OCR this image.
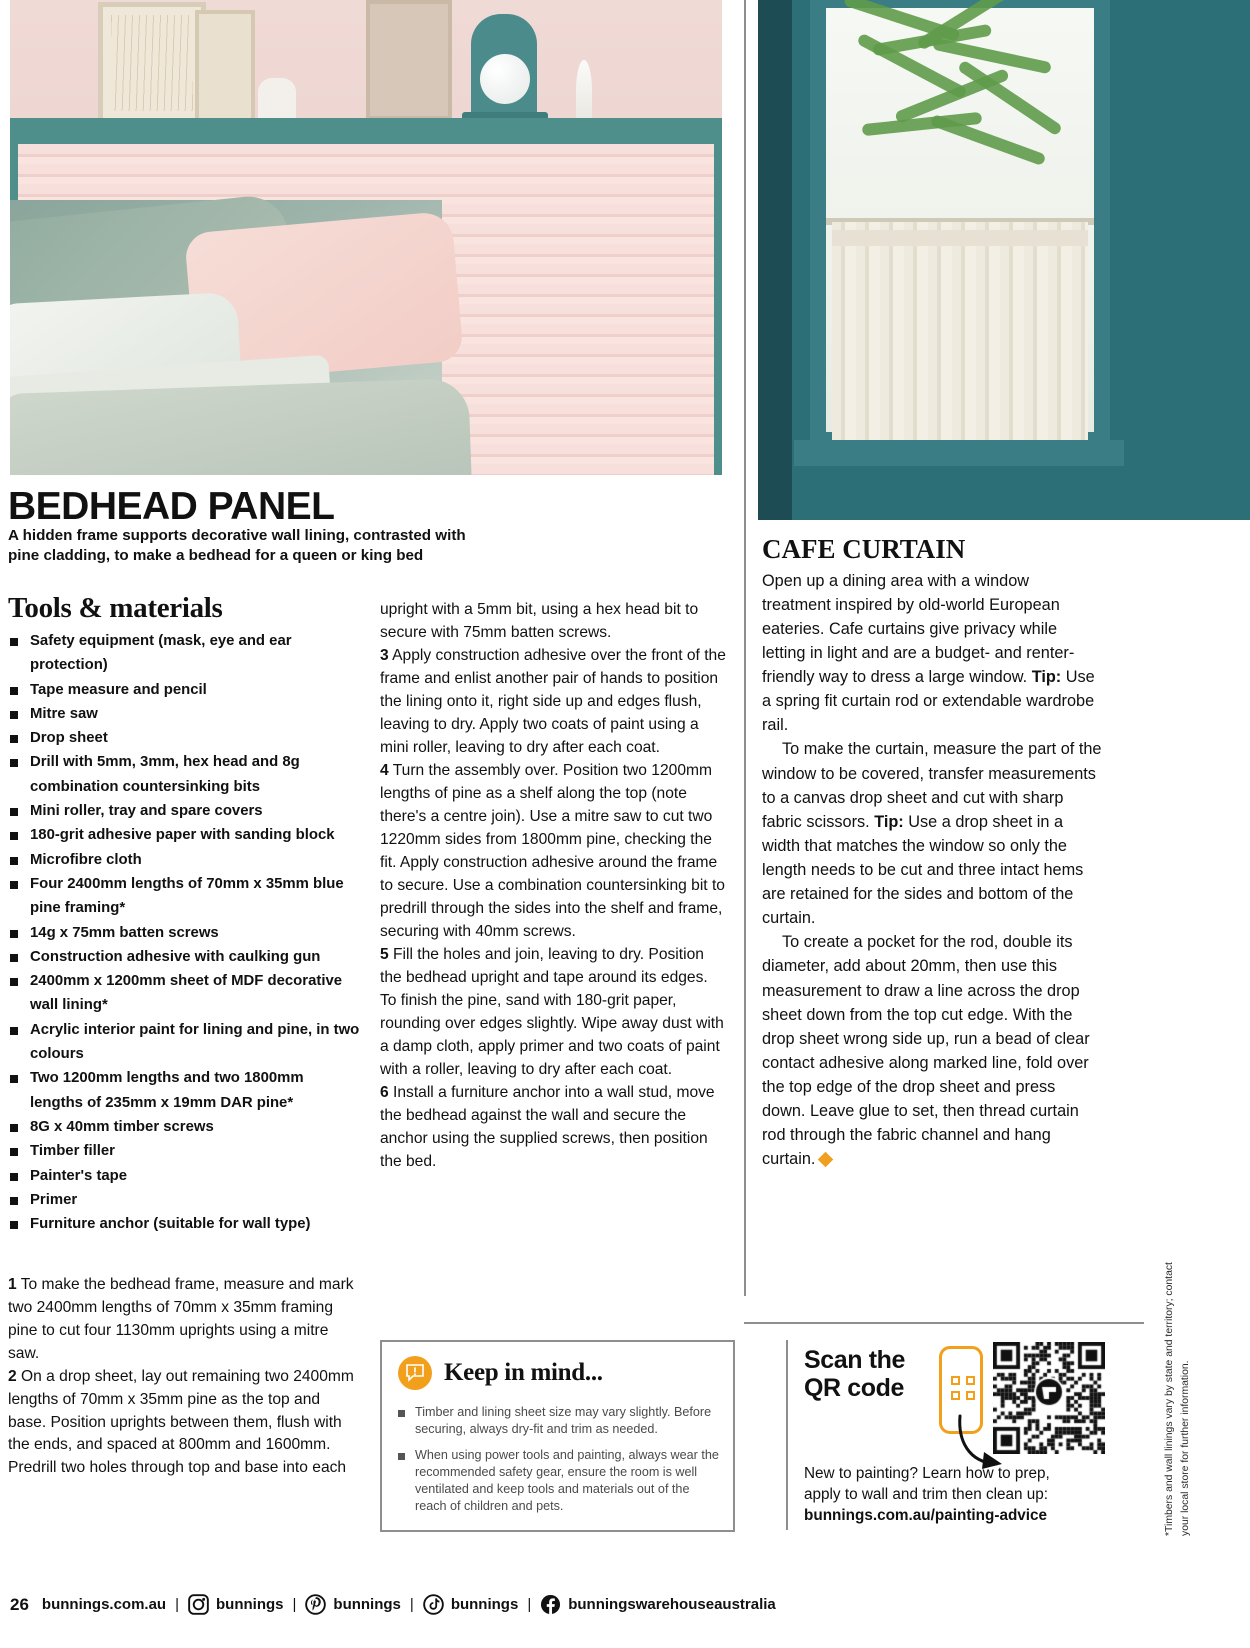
BEDHEAD PANEL
A hidden frame supports decorative wall lining, contrasted with
pine cladding, to make a bedhead for a queen or king bed
Tools & materials
Safety equipment (mask, eye and ear protection)
Tape measure and pencil
Mitre saw
Drop sheet
Drill with 5mm, 3mm, hex head and 8g combination countersinking bits
Mini roller, tray and spare covers
180-grit adhesive paper with sanding block
Microfibre cloth
Four 2400mm lengths of 70mm x 35mm blue pine framing*
14g x 75mm batten screws
Construction adhesive with caulking gun
2400mm x 1200mm sheet of MDF decorative wall lining*
Acrylic interior paint for lining and pine, in two colours
Two 1200mm lengths and two 1800mm lengths of 235mm x 19mm DAR pine*
8G x 40mm timber screws
Timber filler
Painter's tape
Primer
Furniture anchor (suitable for wall type)

1 To make the bedhead frame, measure and mark two 2400mm lengths of 70mm x 35mm framing pine to cut four 1130mm uprights using a mitre saw.

2 On a drop sheet, lay out remaining two 2400mm lengths of 70mm x 35mm pine as the top and base. Position uprights between them, flush with the ends, and spaced at 800mm and 1600mm. Predrill two holes through top and base into each

upright with a 5mm bit, using a hex head bit to secure with 75mm batten screws.

3 Apply construction adhesive over the front of the frame and enlist another pair of hands to position the lining onto it, right side up and edges flush, leaving to dry. Apply two coats of paint using a mini roller, leaving to dry after each coat.

4 Turn the assembly over. Position two 1200mm lengths of pine as a shelf along the top (note there's a centre join). Use a mitre saw to cut two 1220mm sides from 1800mm pine, checking the fit. Apply construction adhesive around the frame to secure. Use a combination countersinking bit to predrill through the sides into the shelf and frame, securing with 40mm screws.

5 Fill the holes and join, leaving to dry. Position the bedhead upright and tape around its edges. To finish the pine, sand with 180-grit paper, rounding over edges slightly. Wipe away dust with a damp cloth, apply primer and two coats of paint with a roller, leaving to dry after each coat.

6 Install a furniture anchor into a wall stud, move the bedhead against the wall and secure the anchor using the supplied screws, then position the bed.

CAFE CURTAIN

Open up a dining area with a window treatment inspired by old-world European eateries. Cafe curtains give privacy while letting in light and are a budget- and renter-friendly way to dress a large window. Tip: Use a spring fit curtain rod or extendable wardrobe rail.

To make the curtain, measure the part of the window to be covered, transfer measurements to a canvas drop sheet and cut with sharp fabric scissors. Tip: Use a drop sheet in a width that matches the window so only the length needs to be cut and three intact hems are retained for the sides and bottom of the curtain.

To create a pocket for the rod, double its diameter, add about 20mm, then use this measurement to draw a line across the drop sheet down from the top cut edge. With the drop sheet wrong side up, run a bead of clear contact adhesive along marked line, fold over the top edge of the drop sheet and press down. Leave glue to set, then thread curtain rod through the fabric channel and hang curtain.

Keep in mind...
Timber and lining sheet size may vary slightly. Before securing, always dry-fit and trim as needed.
When using power tools and painting, always wear the recommended safety gear, ensure the room is well ventilated and keep tools and materials out of the reach of children and pets.
Scan the
QR code
New to painting? Learn how to prep,
apply to wall and trim then clean up:
bunnings.com.au/painting-advice	*Timbers and wall linings vary by state and territory; contact your local store for further information.
26 bunnings.com.au | bunnings | bunnings | bunnings | bunningswarehouseaustralia
